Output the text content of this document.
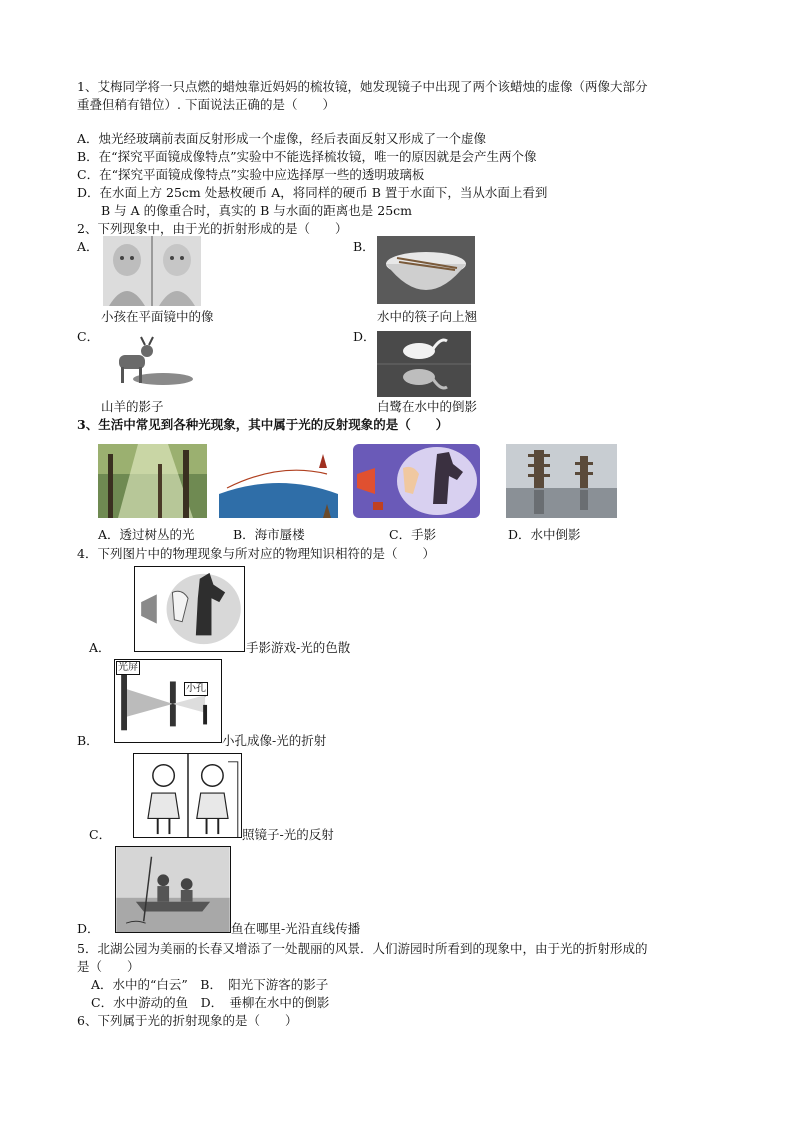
1、艾梅同学将一只点燃的蜡烛靠近妈妈的梳妆镜，她发现镜子中出现了两个该蜡烛的虚像（两像大部分
重叠但稍有错位）. 下面说法正确的是（　　）
A．烛光经玻璃前表面反射形成一个虚像，经后表面反射又形成了一个虚像
B．在“探究平面镜成像特点”实验中不能选择梳妆镜，唯一的原因就是会产生两个像
C．在“探究平面镜成像特点”实验中应选择厚一些的透明玻璃板
D．在水面上方 25cm 处悬枚硬币 A，将同样的硬币 B 置于水面下，当从水面上看到
B 与 A 的像重合时，真实的 B 与水面的距离也是 25cm
2、下列现象中，由于光的折射形成的是（　　）
A．
小孩在平面镜中的像
B．
水中的筷子向上翘
C．
山羊的影子
D．
白鹭在水中的倒影
3、生活中常见到各种光现象，其中属于光的反射现象的是（　　）
A．透过树丛的光	B．海市蜃楼	C．手影	D．水中倒影
4．下列图片中的物理现象与所对应的物理知识相符的是（　　）
A．	手影游戏-光的色散
光屏
小孔
B．	小孔成像-光的折射
C．	照镜子-光的反射
D．	鱼在哪里-光沿直线传播
5．北湖公园为美丽的长春又增添了一处靓丽的风景．人们游园时所看到的现象中，由于光的折射形成的
是（　　）
A．水中的“白云”　B．　阳光下游客的影子
C．水中游动的鱼　D．　垂柳在水中的倒影
6、下列属于光的折射现象的是（　　）
